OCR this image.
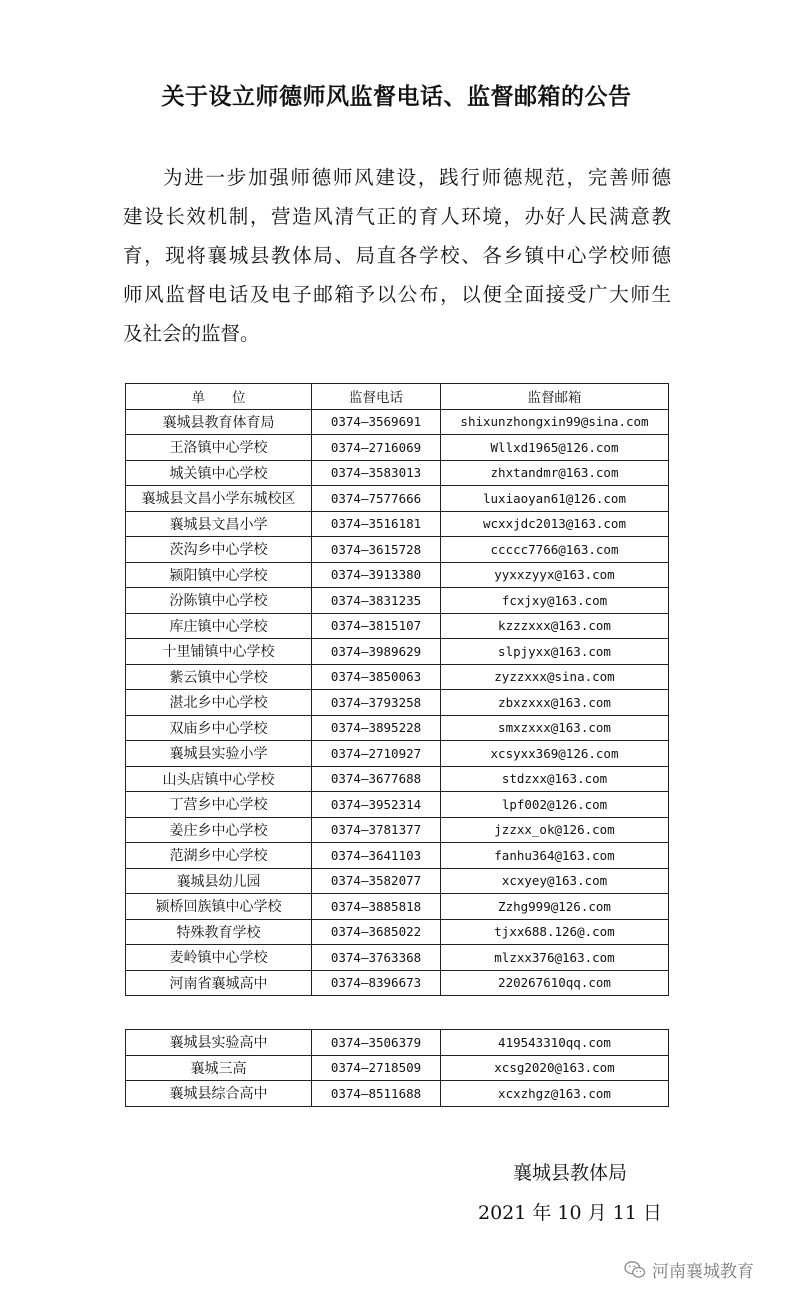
关于设立师德师风监督电话、监督邮箱的公告
为进一步加强师德师风建设，践行师德规范，完善师德
建设长效机制，营造风清气正的育人环境，办好人民满意教
育，现将襄城县教体局、局直各学校、各乡镇中心学校师德
师风监督电话及电子邮箱予以公布，以便全面接受广大师生
及社会的监督。
单　　位	监督电话	监督邮箱
襄城县教育体育局	0374—3569691	shixunzhongxin99@sina.com
王洛镇中心学校	0374—2716069	Wllxd1965@126.com
城关镇中心学校	0374—3583013	zhxtandmr@163.com
襄城县文昌小学东城校区	0374—7577666	luxiaoyan61@126.com
襄城县文昌小学	0374—3516181	wcxxjdc2013@163.com
茨沟乡中心学校	0374—3615728	ccccc7766@163.com
颍阳镇中心学校	0374—3913380	yyxxzyyx@163.com
汾陈镇中心学校	0374—3831235	fcxjxy@163.com
库庄镇中心学校	0374—3815107	kzzzxxx@163.com
十里铺镇中心学校	0374—3989629	slpjyxx@163.com
紫云镇中心学校	0374—3850063	zyzzxxx@sina.com
湛北乡中心学校	0374—3793258	zbxzxxx@163.com
双庙乡中心学校	0374—3895228	smxzxxx@163.com
襄城县实验小学	0374—2710927	xcsyxx369@126.com
山头店镇中心学校	0374—3677688	stdzxx@163.com
丁营乡中心学校	0374—3952314	lpf002@126.com
姜庄乡中心学校	0374—3781377	jzzxx_ok@126.com
范湖乡中心学校	0374—3641103	fanhu364@163.com
襄城县幼儿园	0374—3582077	xcxyey@163.com
颍桥回族镇中心学校	0374—3885818	Zzhg999@126.com
特殊教育学校	0374—3685022	tjxx688.126@.com
麦岭镇中心学校	0374—3763368	mlzxx376@163.com
河南省襄城高中	0374—8396673	220267610qq.com
襄城县实验高中	0374—3506379	419543310qq.com
襄城三高	0374—2718509	xcsg2020@163.com
襄城县综合高中	0374—8511688	xcxzhgz@163.com
襄城县教体局
2021 年 10 月 11 日
河南襄城教育
